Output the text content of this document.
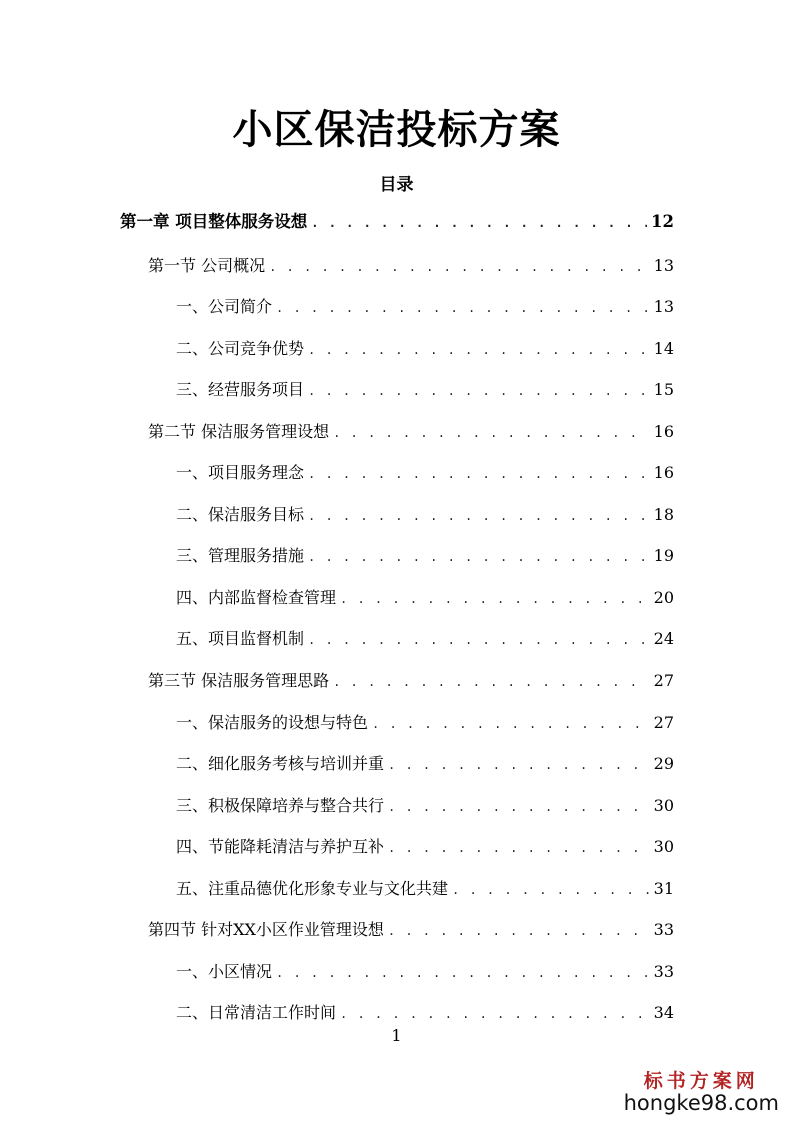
小区保洁投标方案
目录
第一章 项目整体服务设想 . . .	12
第一节 公司概况 . . .	13
一、公司简介 . . .	13
二、公司竞争优势 . . .	14
三、经营服务项目 . . .	15
第二节 保洁服务管理设想 . . .	16
一、项目服务理念 . . .	16
二、保洁服务目标 . . .	18
三、管理服务措施 . . .	19
四、内部监督检查管理 . . .	20
五、项目监督机制 . . .	24
第三节 保洁服务管理思路 . . .	27
一、保洁服务的设想与特色 . . .	27
二、细化服务考核与培训并重 . . .	29
三、积极保障培养与整合共行 . . .	30
四、节能降耗清洁与养护互补 . . .	30
五、注重品德优化形象专业与文化共建 . . .	31
第四节 针对XX小区作业管理设想 . . .	33
一、小区情况 . . .	33
二、日常清洁工作时间 . . .	34
1
标书方案网
hongke98.com
